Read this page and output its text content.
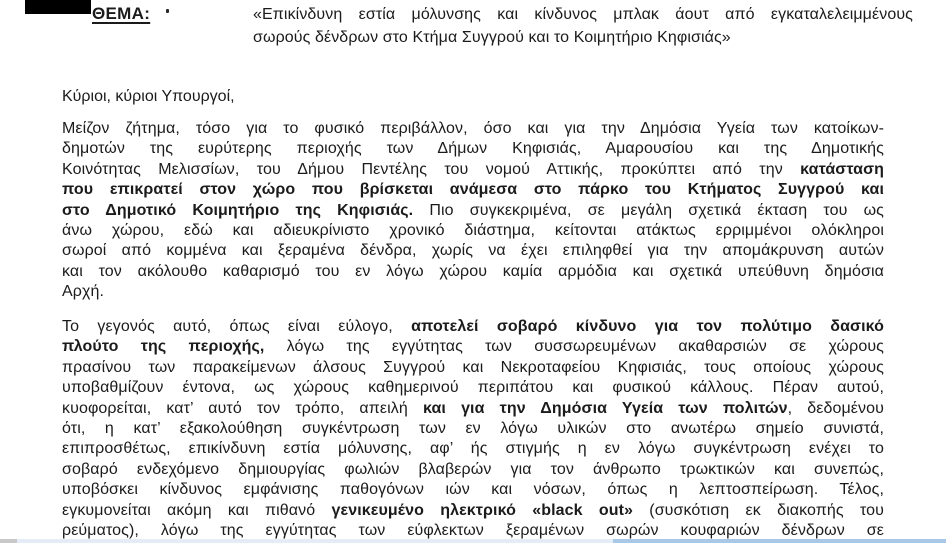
ΘΕΜΑ:	«Επικίνδυνη εστία μόλυνσης και κίνδυνος μπλακ άουτ από εγκαταλελειμμένους
σωρούς δένδρων στο Κτήμα Συγγρού και το Κοιμητήριο Κηφισιάς»
Κύριοι, κύριοι Υπουργοί,
Μείζον ζήτημα, τόσο για το φυσικό περιβάλλον, όσο και για την Δημόσια Υγεία των κατοίκων-
δημοτών της ευρύτερης περιοχής των Δήμων Κηφισιάς, Αμαρουσίου και της Δημοτικής
Κοινότητας Μελισσίων, του Δήμου Πεντέλης του νομού Αττικής, προκύπτει από την κατάσταση
που επικρατεί στον χώρο που βρίσκεται ανάμεσα στο πάρκο του Κτήματος Συγγρού και
στο Δημοτικό Κοιμητήριο της Κηφισιάς. Πιο συγκεκριμένα, σε μεγάλη σχετικά έκταση του ως
άνω χώρου, εδώ και αδιευκρίνιστο χρονικό διάστημα, κείτονται ατάκτως ερριμμένοι ολόκληροι
σωροί από κομμένα και ξεραμένα δένδρα, χωρίς να έχει επιληφθεί για την απομάκρυνση αυτών
και τον ακόλουθο καθαρισμό του εν λόγω χώρου καμία αρμόδια και σχετικά υπεύθυνη δημόσια
Αρχή.
Το γεγονός αυτό, όπως είναι εύλογο, αποτελεί σοβαρό κίνδυνο για τον πολύτιμο δασικό
πλούτο της περιοχής, λόγω της εγγύτητας των συσσωρευμένων ακαθαρσιών σε χώρους
πρασίνου των παρακείμενων άλσους Συγγρού και Νεκροταφείου Κηφισιάς, τους οποίους χώρους
υποβαθμίζουν έντονα, ως χώρους καθημερινού περιπάτου και φυσικού κάλλους. Πέραν αυτού,
κυοφορείται, κατ’ αυτό τον τρόπο, απειλή και για την Δημόσια Υγεία των πολιτών, δεδομένου
ότι, η κατ’ εξακολούθηση συγκέντρωση των εν λόγω υλικών στο ανωτέρω σημείο συνιστά,
επιπροσθέτως, επικίνδυνη εστία μόλυνσης, αφ’ ής στιγμής η εν λόγω συγκέντρωση ενέχει το
σοβαρό ενδεχόμενο δημιουργίας φωλιών βλαβερών για τον άνθρωπο τρωκτικών και συνεπώς,
υποβόσκει κίνδυνος εμφάνισης παθογόνων ιών και νόσων, όπως η λεπτοσπείρωση. Τέλος,
εγκυμονείται ακόμη και πιθανό γενικευμένο ηλεκτρικό «black out» (συσκότιση εκ διακοπής του
ρεύματος), λόγω της εγγύτητας των εύφλεκτων ξεραμένων σωρών κουφαριών δένδρων σε
